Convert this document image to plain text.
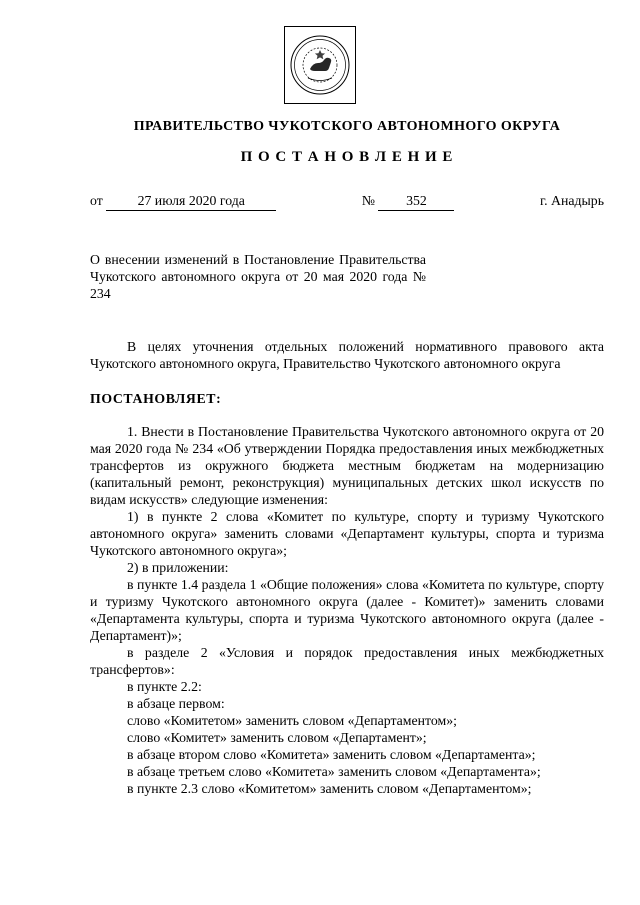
ПРАВИТЕЛЬСТВО ЧУКОТСКОГО АВТОНОМНОГО ОКРУГА
П О С Т А Н О В Л Е Н И Е
от	27 июля 2020 года	№ 352	г. Анадырь
О внесении изменений в Постановление Правительства Чукотского автономного округа от 20 мая 2020 года № 234

В целях уточнения отдельных положений нормативного правового акта Чукотского автономного округа, Правительство Чукотского автономного округа

ПОСТАНОВЛЯЕТ:

1. Внести в Постановление Правительства Чукотского автономного округа от 20 мая 2020 года № 234 «Об утверждении Порядка предоставления иных межбюджетных трансфертов из окружного бюджета местным бюджетам на модернизацию (капитальный ремонт, реконструкция) муниципальных детских школ искусств по видам искусств» следующие изменения:

1) в пункте 2 слова «Комитет по культуре, спорту и туризму Чукотского автономного округа» заменить словами «Департамент культуры, спорта и туризма Чукотского автономного округа»;

2) в приложении:

в пункте 1.4 раздела 1 «Общие положения» слова «Комитета по культуре, спорту и туризму Чукотского автономного округа (далее - Комитет)» заменить словами «Департамента культуры, спорта и туризма Чукотского автономного округа (далее - Департамент)»;

в разделе 2 «Условия и порядок предоставления иных межбюджетных трансфертов»:

в пункте 2.2:

в абзаце первом:

слово «Комитетом» заменить словом «Департаментом»;

слово «Комитет» заменить словом «Департамент»;

в абзаце втором слово «Комитета» заменить словом «Департамента»;

в абзаце третьем слово «Комитета» заменить словом «Департамента»;

в пункте 2.3 слово «Комитетом» заменить словом «Департаментом»;
